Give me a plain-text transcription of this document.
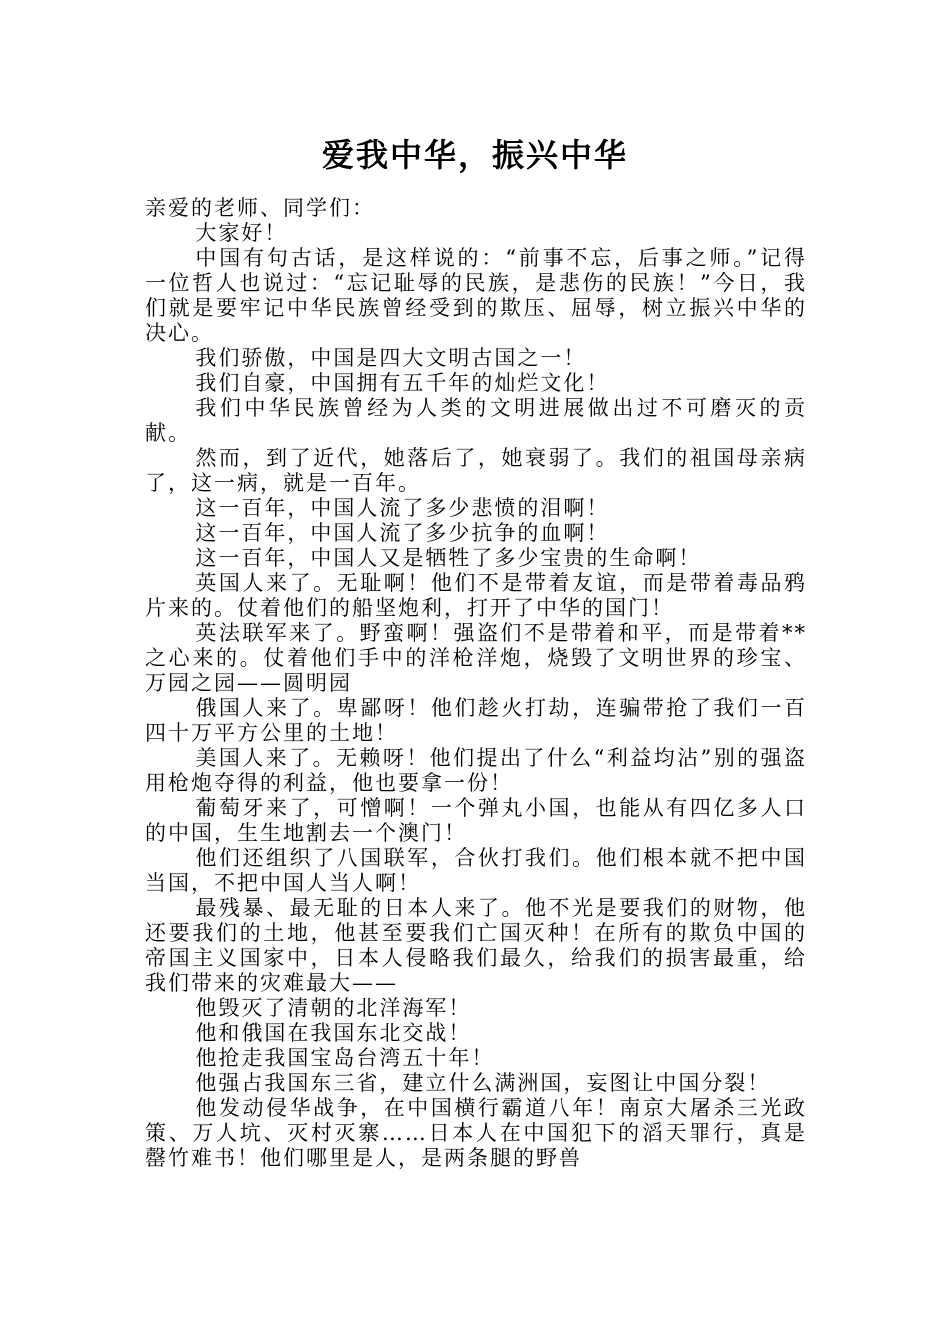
爱我中华，振兴中华

亲爱的老师、同学们：

大家好！

中国有句古话，是这样说的：“前事不忘，后事之师。”记得一位哲人也说过：“忘记耻辱的民族，是悲伤的民族！”今日，我们就是要牢记中华民族曾经受到的欺压、屈辱，树立振兴中华的决心。

我们骄傲，中国是四大文明古国之一！

我们自豪，中国拥有五千年的灿烂文化！

我们中华民族曾经为人类的文明进展做出过不可磨灭的贡献。

然而，到了近代，她落后了，她衰弱了。我们的祖国母亲病了，这一病，就是一百年。

这一百年，中国人流了多少悲愤的泪啊！

这一百年，中国人流了多少抗争的血啊！

这一百年，中国人又是牺牲了多少宝贵的生命啊！

英国人来了。无耻啊！他们不是带着友谊，而是带着毒品鸦片来的。仗着他们的船坚炮利，打开了中华的国门！

英法联军来了。野蛮啊！强盗们不是带着和平，而是带着**之心来的。仗着他们手中的洋枪洋炮，烧毁了文明世界的珍宝、万园之园——圆明园

俄国人来了。卑鄙呀！他们趁火打劫，连骗带抢了我们一百四十万平方公里的土地！

美国人来了。无赖呀！他们提出了什么“利益均沾”别的强盗用枪炮夺得的利益，他也要拿一份！

葡萄牙来了，可憎啊！一个弹丸小国，也能从有四亿多人口的中国，生生地割去一个澳门！

他们还组织了八国联军，合伙打我们。他们根本就不把中国当国，不把中国人当人啊！

最残暴、最无耻的日本人来了。他不光是要我们的财物，他还要我们的土地，他甚至要我们亡国灭种！在所有的欺负中国的帝国主义国家中，日本人侵略我们最久，给我们的损害最重，给我们带来的灾难最大——

他毁灭了清朝的北洋海军！

他和俄国在我国东北交战！

他抢走我国宝岛台湾五十年！

他强占我国东三省，建立什么满洲国，妄图让中国分裂！

他发动侵华战争，在中国横行霸道八年！南京大屠杀三光政策、万人坑、灭村灭寨……日本人在中国犯下的滔天罪行，真是罄竹难书！他们哪里是人，是两条腿的野兽
